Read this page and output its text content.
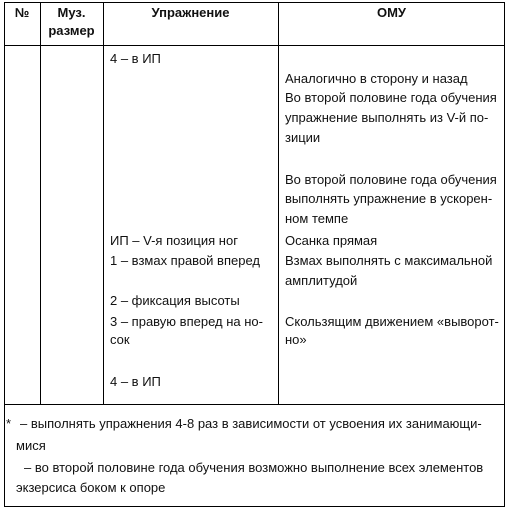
№	Муз.
размер
Упражнение	ОМУ
4 – в ИП
ИП – V-я позиция ног
1 – взмах правой вперед
2 – фиксация высоты
3 – правую вперед на но-
сок
4 – в ИП
Аналогично в сторону и назад
Во второй половине года обучения
упражнение выполнять из V-й по-
зиции
Во второй половине года обучения
выполнять упражнение в ускорен-
ном темпе
Осанка прямая
Взмах выполнять с максимальной
амплитудой
Скользящим движением «выворот-
но»
* – выполнять упражнения 4-8 раз в зависимости от усвоения их занимающи-
мися
– во второй половине года обучения возможно выполнение всех элементов
экзерсиса боком к опоре
